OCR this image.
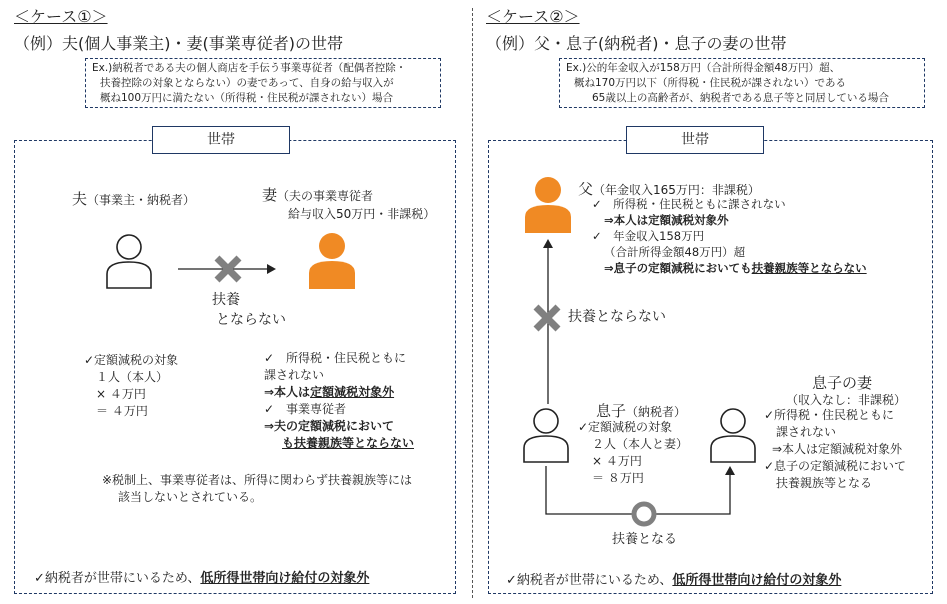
＜ケース①＞
（例）夫(個人事業主)・妻(事業専従者)の世帯
Ex.)納税者である夫の個人商店を手伝う事業専従者（配偶者控除・
扶養控除の対象とならない）の妻であって、自身の給与収入が
概ね100万円に満たない（所得税・住民税が課されない）場合
世帯
夫（事業主・納税者）	妻（夫の事業専従者
給与収入50万円・非課税）
扶養
とならない
✓定額減税の対象
１人（本人）
× ４万円
＝ ４万円
✓　所得税・住民税ともに
課されない
⇒本人は定額減税対象外
✓　事業専従者
⇒夫の定額減税において
も扶養親族等とならない
※税制上、事業専従者は、所得に関わらず扶養親族等には
該当しないとされている。
✓納税者が世帯にいるため、低所得世帯向け給付の対象外
＜ケース②＞
（例）父・息子(納税者)・息子の妻の世帯
Ex.)公的年金収入が158万円（合計所得金額48万円）超、
概ね170万円以下（所得税・住民税が課されない）である
65歳以上の高齢者が、納税者である息子等と同居している場合
世帯
父（年金収入165万円：非課税）
✓　所得税・住民税ともに課されない
⇒本人は定額減税対象外
✓　年金収入158万円
（合計所得金額48万円）超
⇒息子の定額減税においても扶養親族等とならない
扶養とならない
息子（納税者）
✓定額減税の対象
２人（本人と妻）
× ４万円
＝ ８万円
息子の妻
（収入なし：非課税）
✓所得税・住民税ともに
課されない
⇒本人は定額減税対象外
✓息子の定額減税において
扶養親族等となる
扶養となる
✓納税者が世帯にいるため、低所得世帯向け給付の対象外
